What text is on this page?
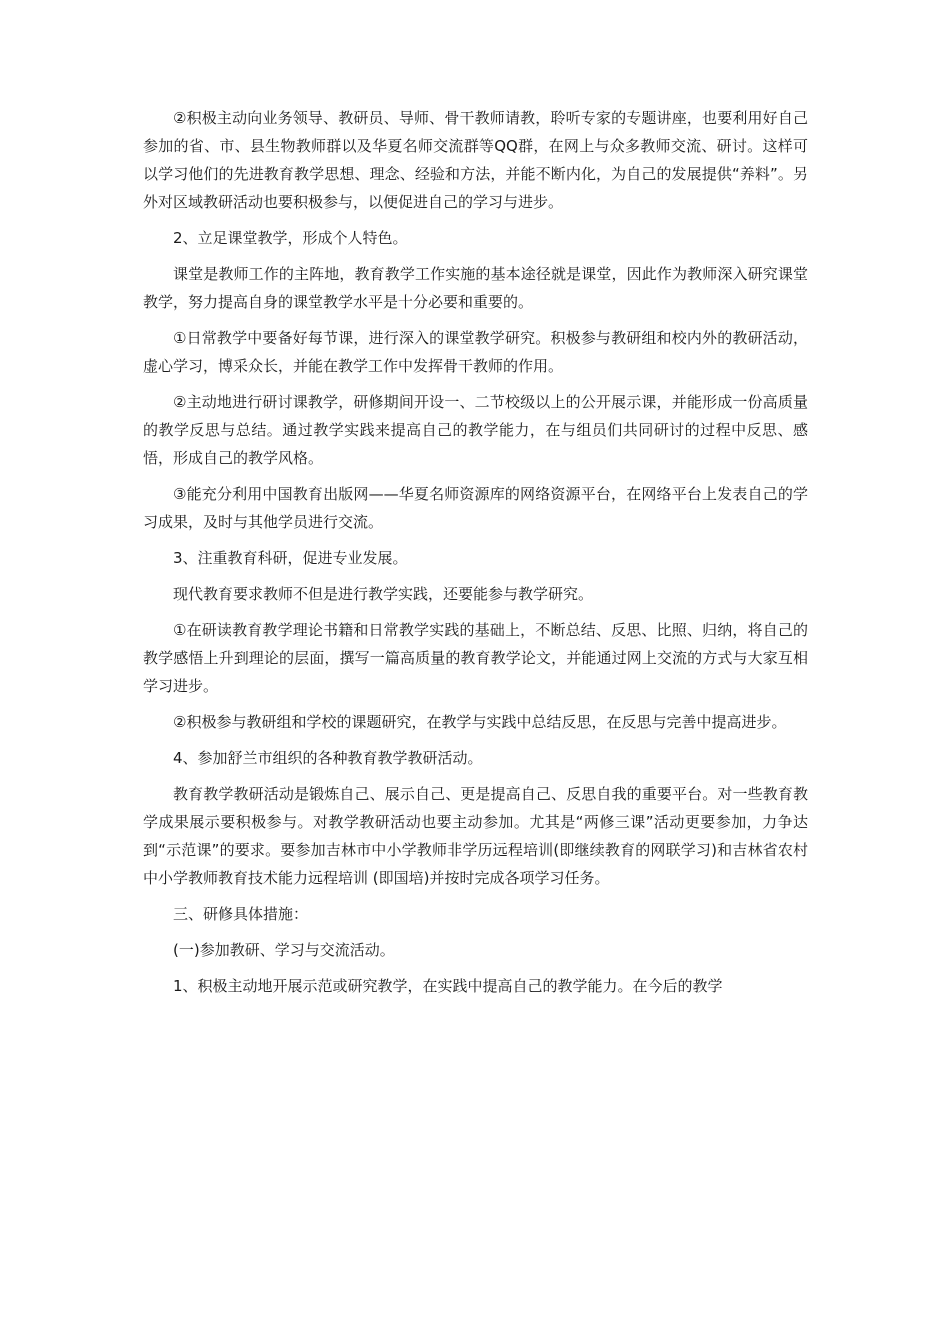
②积极主动向业务领导、教研员、导师、骨干教师请教，聆听专家的专题讲座，也要利用好自己参加的省、市、县生物教师群以及华夏名师交流群等QQ群，在网上与众多教师交流、研讨。这样可以学习他们的先进教育教学思想、理念、经验和方法，并能不断内化，为自己的发展提供“养料”。另外对区域教研活动也要积极参与，以便促进自己的学习与进步。

2、立足课堂教学，形成个人特色。

课堂是教师工作的主阵地，教育教学工作实施的基本途径就是课堂，因此作为教师深入研究课堂教学，努力提高自身的课堂教学水平是十分必要和重要的。

①日常教学中要备好每节课，进行深入的课堂教学研究。积极参与教研组和校内外的教研活动，虚心学习，博采众长，并能在教学工作中发挥骨干教师的作用。

②主动地进行研讨课教学，研修期间开设一、二节校级以上的公开展示课，并能形成一份高质量的教学反思与总结。通过教学实践来提高自己的教学能力，在与组员们共同研讨的过程中反思、感悟，形成自己的教学风格。

③能充分利用中国教育出版网——华夏名师资源库的网络资源平台，在网络平台上发表自己的学习成果，及时与其他学员进行交流。

3、注重教育科研，促进专业发展。

现代教育要求教师不但是进行教学实践，还要能参与教学研究。

①在研读教育教学理论书籍和日常教学实践的基础上，不断总结、反思、比照、归纳，将自己的教学感悟上升到理论的层面，撰写一篇高质量的教育教学论文，并能通过网上交流的方式与大家互相学习进步。

②积极参与教研组和学校的课题研究，在教学与实践中总结反思，在反思与完善中提高进步。

4、参加舒兰市组织的各种教育教学教研活动。

教育教学教研活动是锻炼自己、展示自己、更是提高自己、反思自我的重要平台。对一些教育教学成果展示要积极参与。对教学教研活动也要主动参加。尤其是“两修三课”活动更要参加，力争达到“示范课”的要求。要参加吉林市中小学教师非学历远程培训(即继续教育的网联学习)和吉林省农村中小学教师教育技术能力远程培训 (即国培)并按时完成各项学习任务。

三、研修具体措施：

(一)参加教研、学习与交流活动。

1、积极主动地开展示范或研究教学，在实践中提高自己的教学能力。在今后的教学
